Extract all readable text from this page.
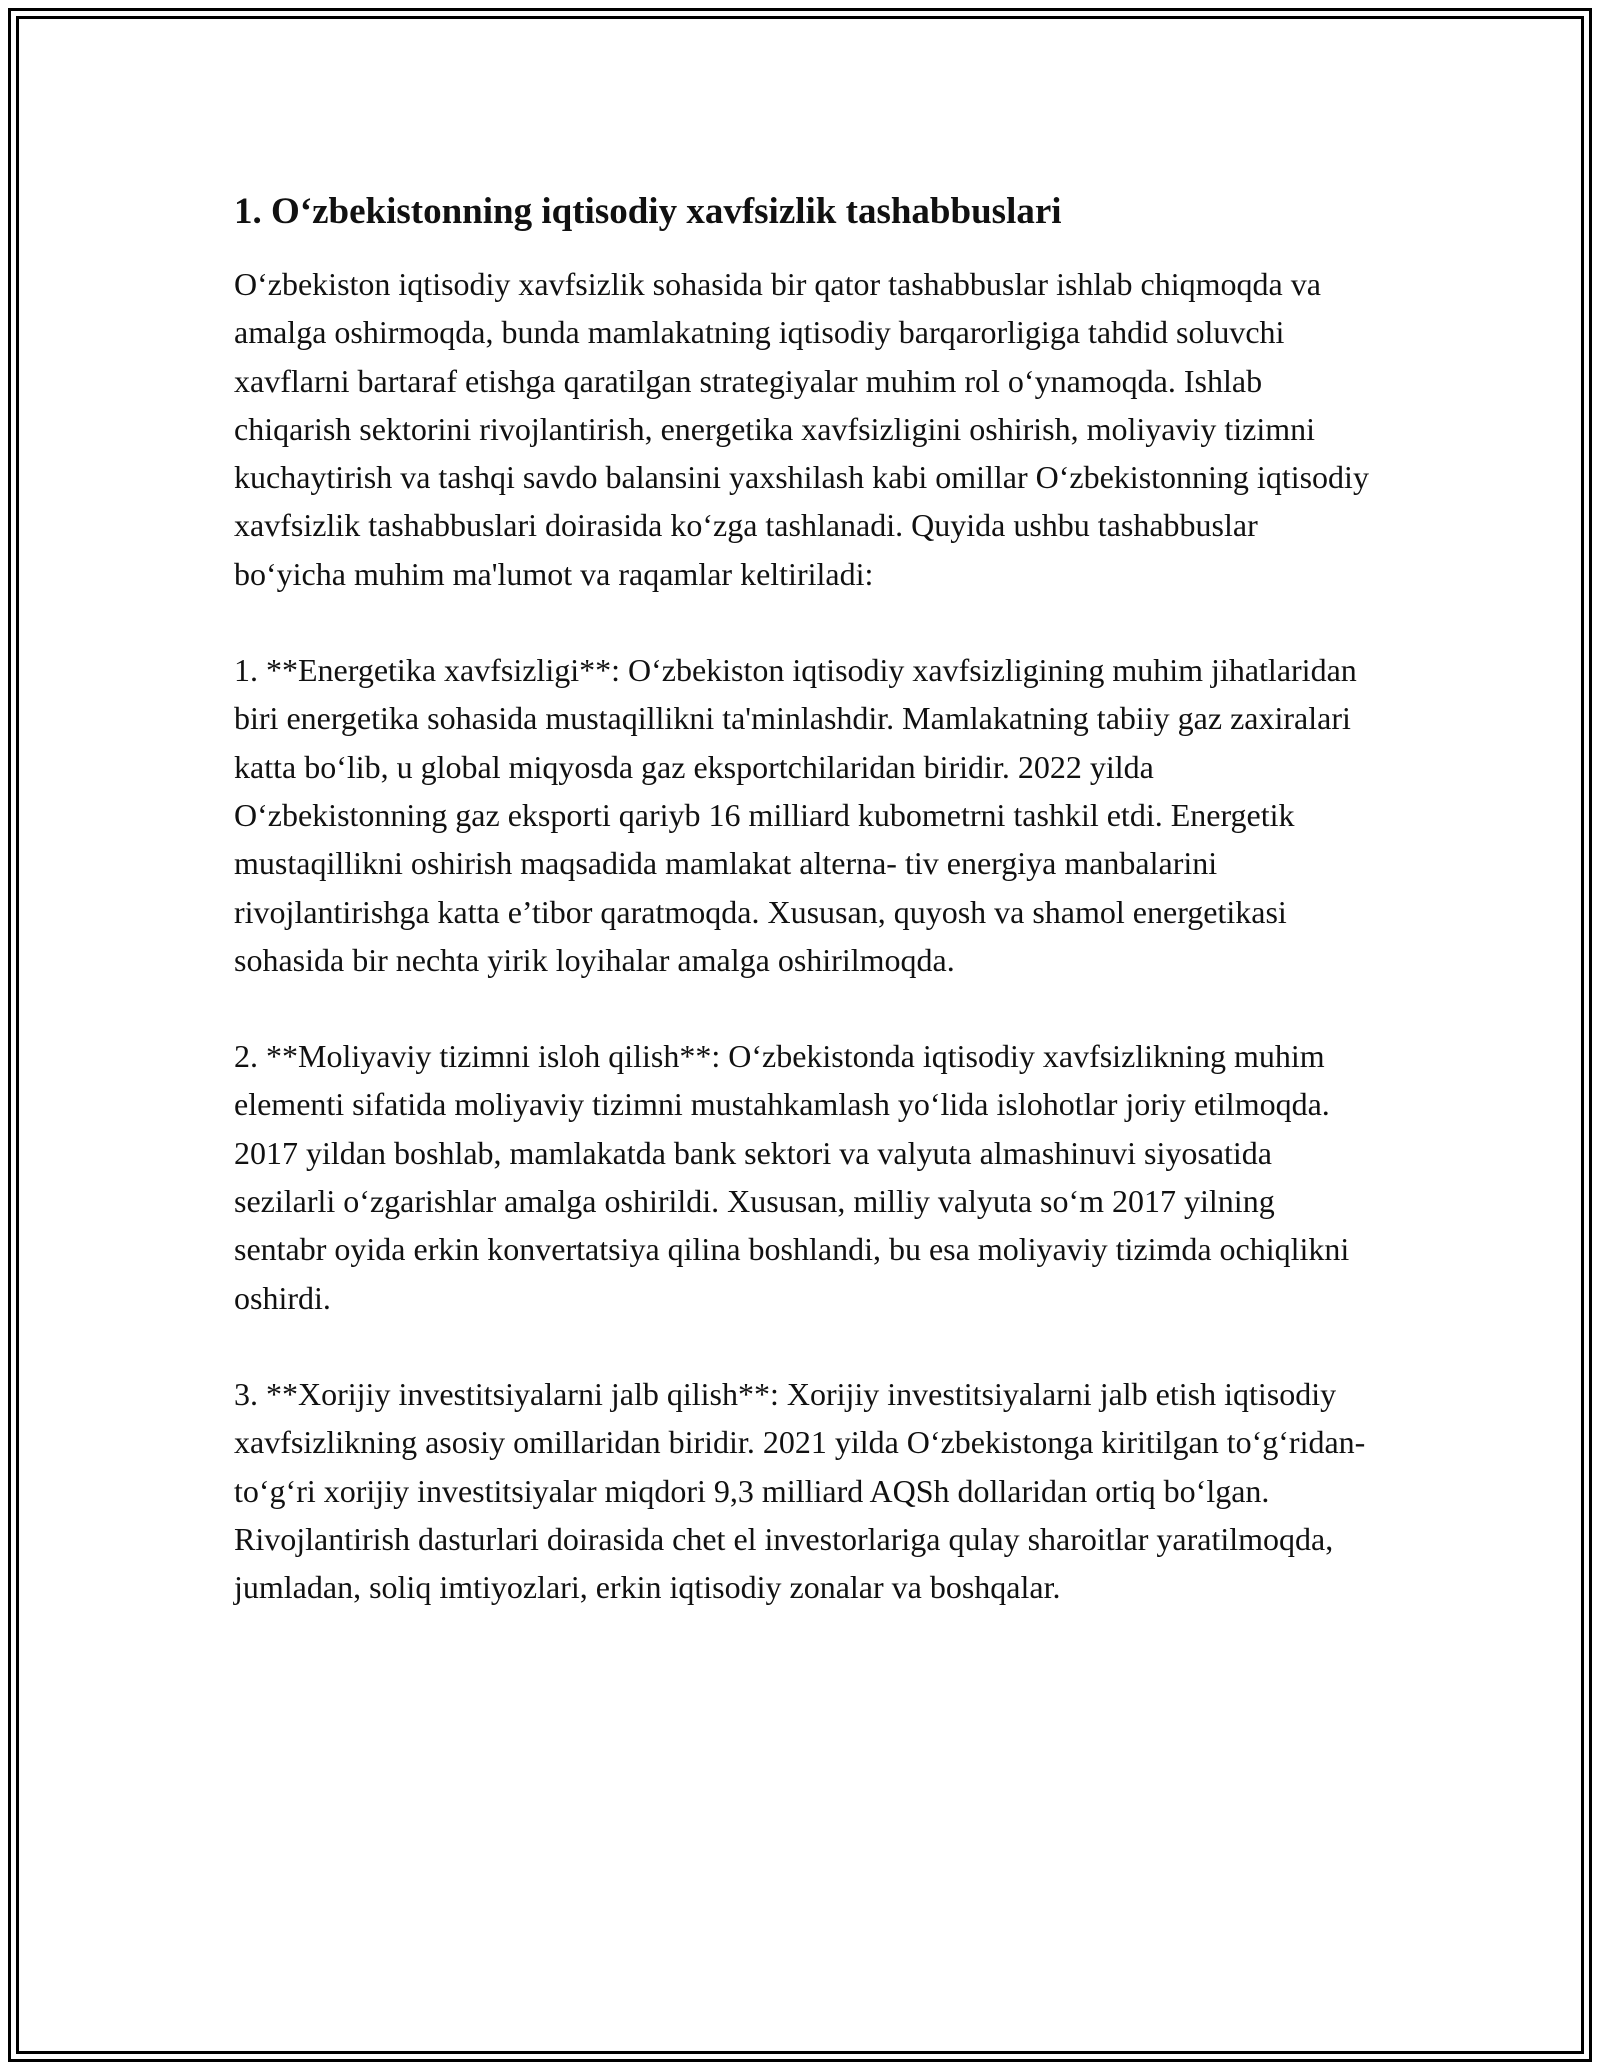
1. O‘zbekistonning iqtisodiy xavfsizlik tashabbuslari

O‘zbekiston iqtisodiy xavfsizlik sohasida bir qator tashabbuslar ishlab chiqmoqda va amalga oshirmoqda, bunda mamlakatning iqtisodiy barqarorligiga tahdid soluvchi xavflarni bartaraf etishga qaratilgan strategiyalar muhim rol o‘ynamoqda. Ishlab chiqarish sektorini rivojlantirish, energetika xavfsizligini oshirish, moliyaviy tizimni kuchaytirish va tashqi savdo balansini yaxshilash kabi omillar O‘zbekistonning iqtisodiy xavfsizlik tashabbuslari doirasida ko‘zga tashlanadi. Quyida ushbu tashabbuslar bo‘yicha muhim ma'lumot va raqamlar keltiriladi:

1. **Energetika xavfsizligi**: O‘zbekiston iqtisodiy xavfsizligining muhim jihatlaridan biri energetika sohasida mustaqillikni ta'minlashdir. Mamlakatning tabiiy gaz zaxiralari katta bo‘lib, u global miqyosda gaz eksportchilaridan biridir. 2022 yilda O‘zbekistonning gaz eksporti qariyb 16 milliard kubometrni tashkil etdi. Energetik mustaqillikni oshirish maqsadida mamlakat alterna- tiv energiya manbalarini rivojlantirishga katta e’tibor qaratmoqda. Xususan, quyosh va shamol energetikasi sohasida bir nechta yirik loyihalar amalga oshirilmoqda.

2. **Moliyaviy tizimni isloh qilish**: O‘zbekistonda iqtisodiy xavfsizlikning muhim elementi sifatida moliyaviy tizimni mustahkamlash yo‘lida islohotlar joriy etilmoqda. 2017 yildan boshlab, mamlakatda bank sektori va valyuta almashinuvi siyosatida sezilarli o‘zgarishlar amalga oshirildi. Xususan, milliy valyuta so‘m 2017 yilning sentabr oyida erkin konvertatsiya qilina boshlandi, bu esa moliyaviy tizimda ochiqlikni oshirdi.

3. **Xorijiy investitsiyalarni jalb qilish**: Xorijiy investitsiyalarni jalb etish iqtisodiy xavfsizlikning asosiy omillaridan biridir. 2021 yilda O‘zbekistonga kiritilgan to‘g‘ridan-to‘g‘ri xorijiy investitsiyalar miqdori 9,3 milliard AQSh dollaridan ortiq bo‘lgan. Rivojlantirish dasturlari doirasida chet el investorlariga qulay sharoitlar yaratilmoqda, jumladan, soliq imtiyozlari, erkin iqtisodiy zonalar va boshqalar.
